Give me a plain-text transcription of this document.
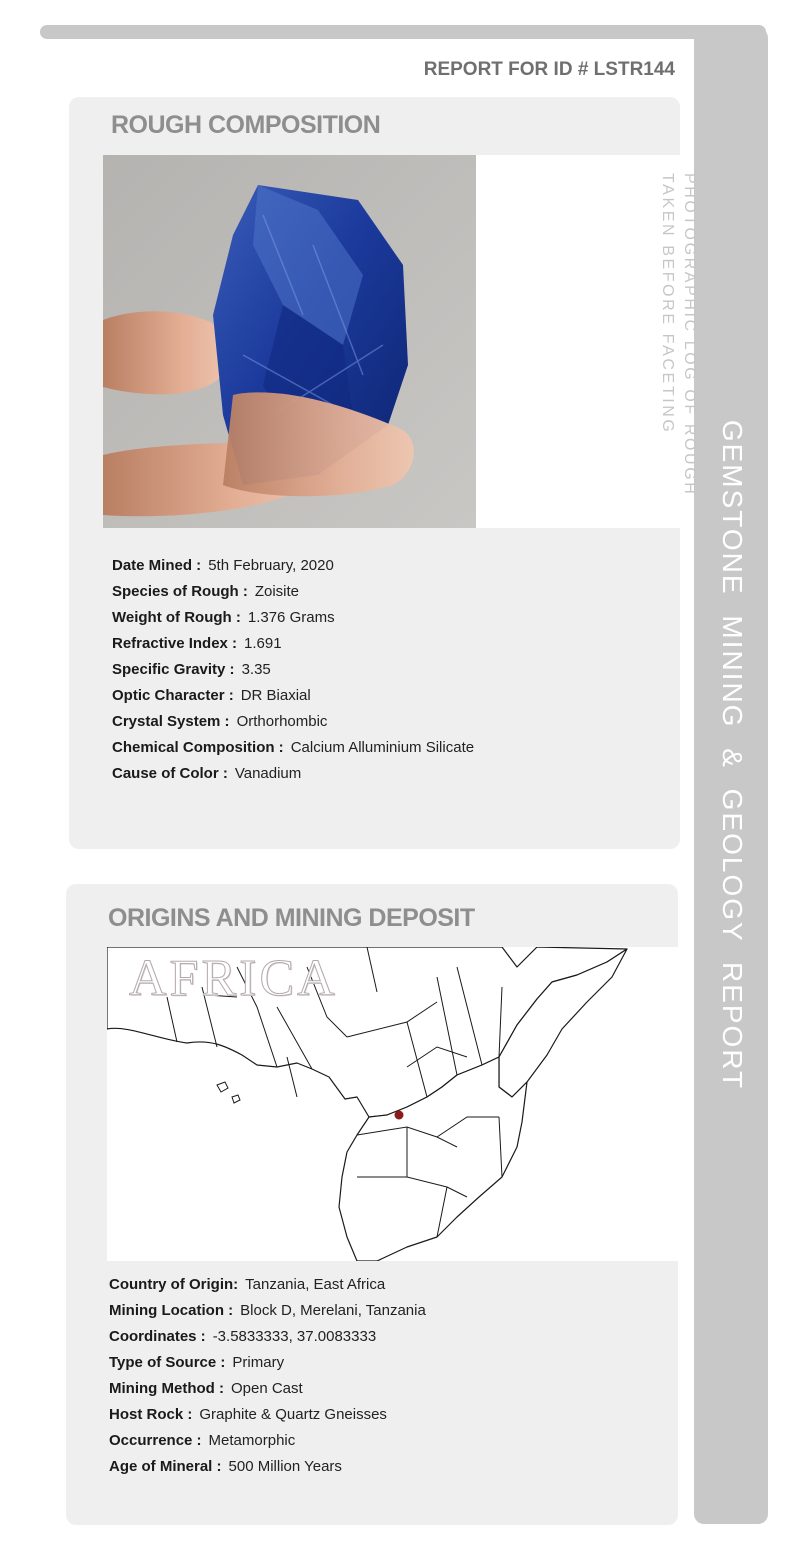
GEMSTONE MINING & GEOLOGY REPORT
REPORT FOR ID # LSTR144
ROUGH COMPOSITION
PHOTOGRAPHIC LOG OF ROUGH
TAKEN BEFORE FACETING
Date Mined : 5th February, 2020
Species of Rough : Zoisite
Weight of Rough : 1.376 Grams
Refractive Index : 1.691
Specific Gravity : 3.35
Optic Character : DR Biaxial
Crystal System : Orthorhombic
Chemical Composition : Calcium Alluminium Silicate
Cause of Color : Vanadium
ORIGINS AND MINING DEPOSIT
AFRICA
Country of Origin: Tanzania, East Africa
Mining Location : Block D, Merelani, Tanzania
Coordinates : -3.5833333, 37.0083333
Type of Source : Primary
Mining Method : Open Cast
Host Rock : Graphite & Quartz Gneisses
Occurrence : Metamorphic
Age of Mineral : 500 Million Years
